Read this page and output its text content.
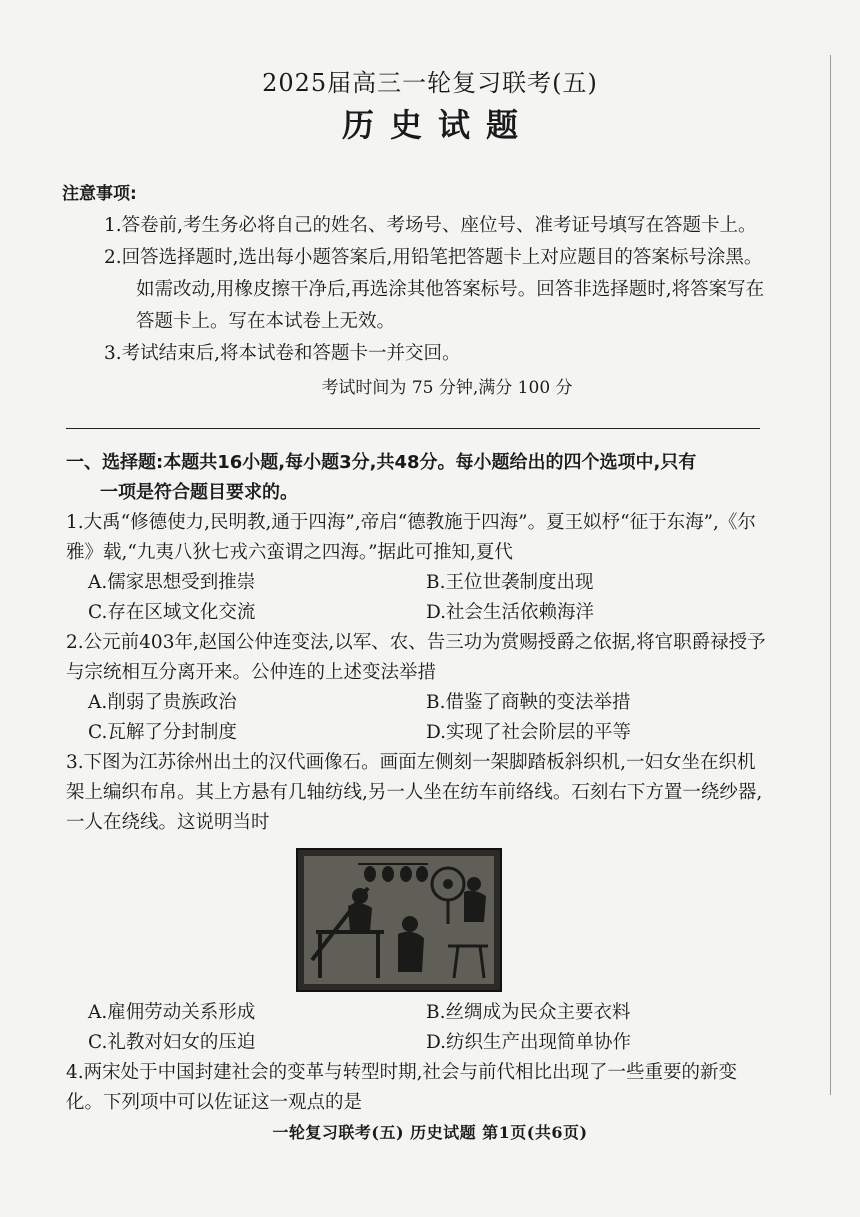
2025届高三一轮复习联考(五)
历史试题
注意事项:
1.答卷前,考生务必将自己的姓名、考场号、座位号、准考证号填写在答题卡上。
2.回答选择题时,选出每小题答案后,用铅笔把答题卡上对应题目的答案标号涂黑。如需改动,用橡皮擦干净后,再选涂其他答案标号。回答非选择题时,将答案写在答题卡上。写在本试卷上无效。
3.考试结束后,将本试卷和答题卡一并交回。
考试时间为 75 分钟,满分 100 分
一、选择题:本题共16小题,每小题3分,共48分。每小题给出的四个选项中,只有
一项是符合题目要求的。
1.大禹“修德使力,民明教,通于四海”,帝启“德教施于四海”。夏王姒杼“征于东海”,《尔雅》载,“九夷八狄七戎六蛮谓之四海。”据此可推知,夏代
A.儒家思想受到推崇	B.王位世袭制度出现
C.存在区域文化交流	D.社会生活依赖海洋
2.公元前403年,赵国公仲连变法,以军、农、告三功为赏赐授爵之依据,将官职爵禄授予与宗统相互分离开来。公仲连的上述变法举措
A.削弱了贵族政治	B.借鉴了商鞅的变法举措
C.瓦解了分封制度	D.实现了社会阶层的平等
3.下图为江苏徐州出土的汉代画像石。画面左侧刻一架脚踏板斜织机,一妇女坐在织机架上编织布帛。其上方悬有几轴纺线,另一人坐在纺车前络线。石刻右下方置一绕纱器,一人在绕线。这说明当时
A.雇佣劳动关系形成	B.丝绸成为民众主要衣料
C.礼教对妇女的压迫	D.纺织生产出现简单协作
4.两宋处于中国封建社会的变革与转型时期,社会与前代相比出现了一些重要的新变化。下列项中可以佐证这一观点的是
一轮复习联考(五) 历史试题 第1页(共6页)
